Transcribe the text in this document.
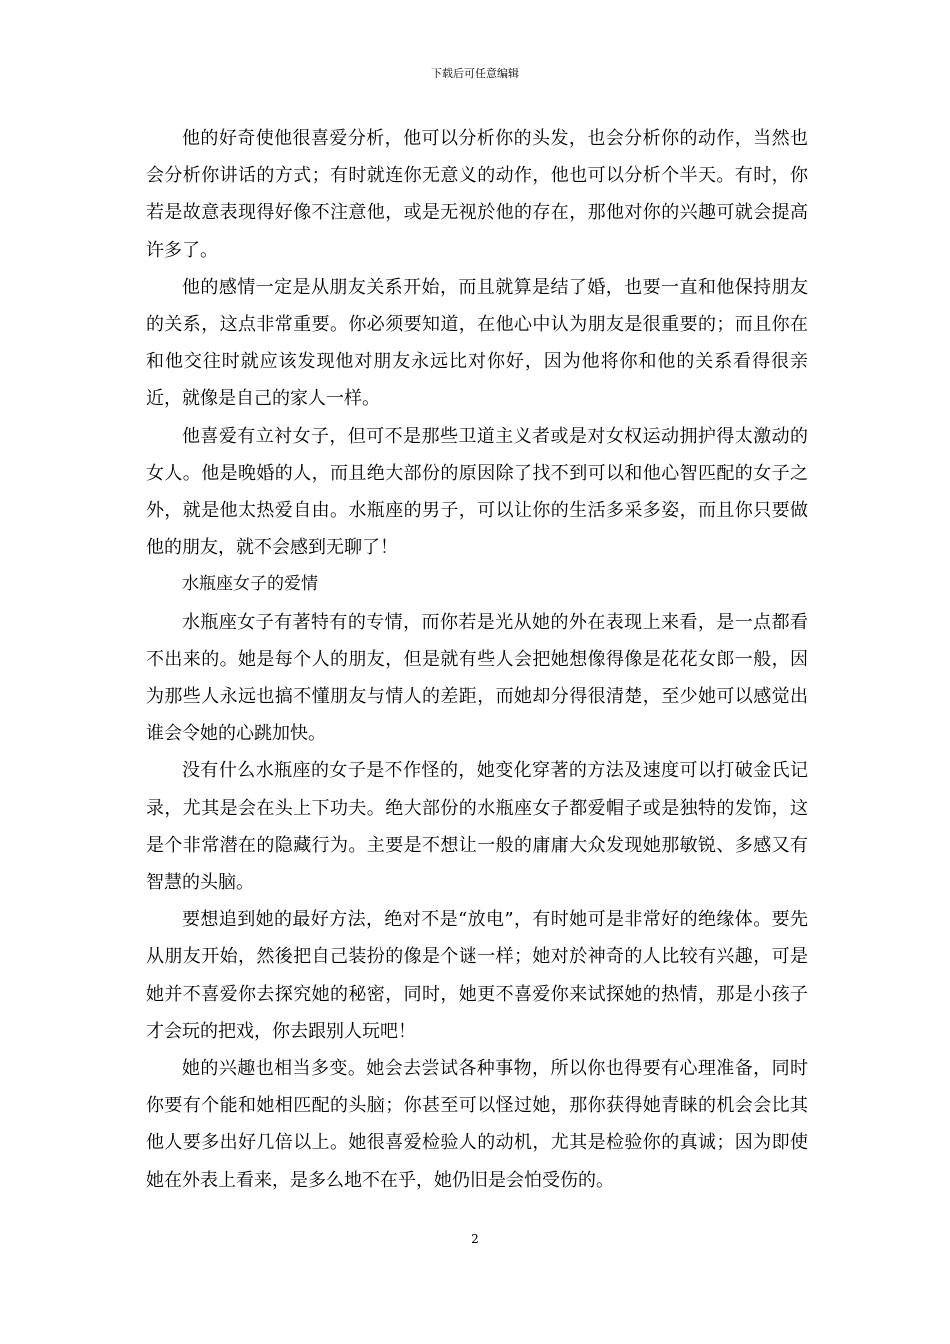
下载后可任意编辑

他的好奇使他很喜爱分析，他可以分析你的头发，也会分析你的动作，当然也会分析你讲话的方式；有时就连你无意义的动作，他也可以分析个半天。有时，你若是故意表现得好像不注意他，或是无视於他的存在，那他对你的兴趣可就会提高许多了。

他的感情一定是从朋友关系开始，而且就算是结了婚，也要一直和他保持朋友的关系，这点非常重要。你必须要知道，在他心中认为朋友是很重要的；而且你在和他交往时就应该发现他对朋友永远比对你好，因为他将你和他的关系看得很亲近，就像是自己的家人一样。

他喜爱有立衬女子，但可不是那些卫道主义者或是对女权运动拥护得太激动的女人。他是晚婚的人，而且绝大部份的原因除了找不到可以和他心智匹配的女子之外，就是他太热爱自由。水瓶座的男子，可以让你的生活多采多姿，而且你只要做他的朋友，就不会感到无聊了！

水瓶座女子的爱情

水瓶座女子有著特有的专情，而你若是光从她的外在表现上来看，是一点都看不出来的。她是每个人的朋友，但是就有些人会把她想像得像是花花女郎一般，因为那些人永远也搞不懂朋友与情人的差距，而她却分得很清楚，至少她可以感觉出谁会令她的心跳加快。

没有什么水瓶座的女子是不作怪的，她变化穿著的方法及速度可以打破金氏记录，尤其是会在头上下功夫。绝大部份的水瓶座女子都爱帽子或是独特的发饰，这是个非常潜在的隐藏行为。主要是不想让一般的庸庸大众发现她那敏锐、多感又有智慧的头脑。

要想追到她的最好方法，绝对不是“放电”，有时她可是非常好的绝缘体。要先从朋友开始，然後把自己装扮的像是个谜一样；她对於神奇的人比较有兴趣，可是她并不喜爱你去探究她的秘密，同时，她更不喜爱你来试探她的热情，那是小孩子才会玩的把戏，你去跟别人玩吧！

她的兴趣也相当多变。她会去尝试各种事物，所以你也得要有心理准备，同时你要有个能和她相匹配的头脑；你甚至可以怪过她，那你获得她青睐的机会会比其他人要多出好几倍以上。她很喜爱检验人的动机，尤其是检验你的真诚；因为即使她在外表上看来，是多么地不在乎，她仍旧是会怕受伤的。

2
